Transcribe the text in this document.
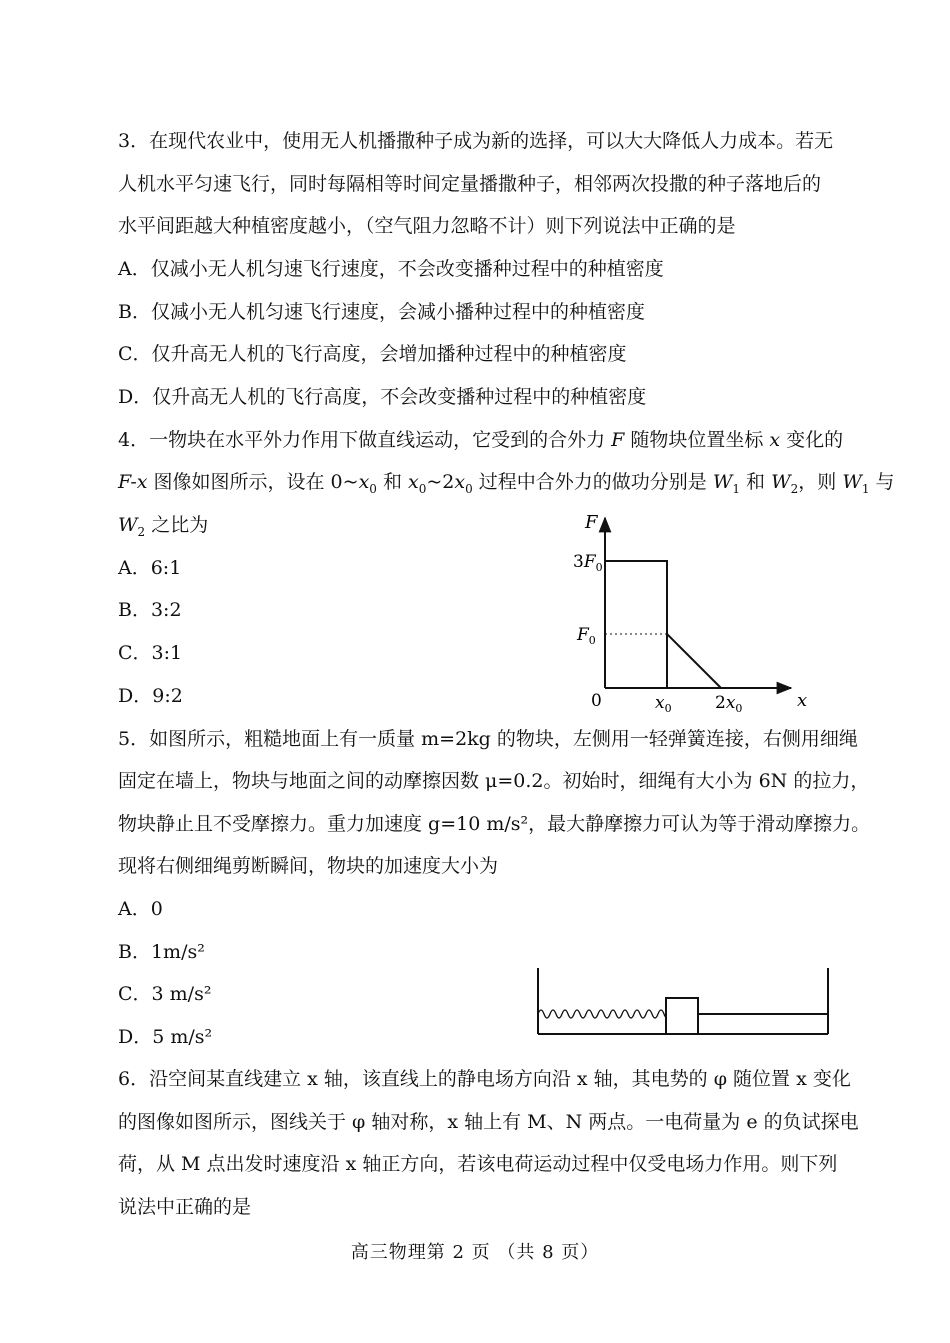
3．在现代农业中，使用无人机播撒种子成为新的选择，可以大大降低人力成本。若无
人机水平匀速飞行，同时每隔相等时间定量播撒种子，相邻两次投撒的种子落地后的
水平间距越大种植密度越小，（空气阻力忽略不计）则下列说法中正确的是
A．仅减小无人机匀速飞行速度，不会改变播种过程中的种植密度
B．仅减小无人机匀速飞行速度，会减小播种过程中的种植密度
C．仅升高无人机的飞行高度，会增加播种过程中的种植密度
D．仅升高无人机的飞行高度，不会改变播种过程中的种植密度
4．一物块在水平外力作用下做直线运动，它受到的合外力 F 随物块位置坐标 x 变化的
F-x 图像如图所示，设在 $0\sim x_0$ 和 $x_0\sim 2x_0$ 过程中合外力的做功分别是 $W_1$ 和 $W_2$，则 $W_1$ 与
$W_2$ 之比为
A．6:1
B．3:2
C．3:1
D．9:2
F
x
0
$3F_0$
$F_0$
$x_0$	$2x_0$
5．如图所示，粗糙地面上有一质量 m=2kg 的物块，左侧用一轻弹簧连接，右侧用细绳
固定在墙上，物块与地面之间的动摩擦因数 μ=0.2。初始时，细绳有大小为 6N 的拉力，
物块静止且不受摩擦力。重力加速度 g=10 m/s²，最大静摩擦力可认为等于滑动摩擦力。
现将右侧细绳剪断瞬间，物块的加速度大小为
A．0
B．1m/s²
C．3 m/s²
D．5 m/s²
6．沿空间某直线建立 x 轴，该直线上的静电场方向沿 x 轴，其电势的 φ 随位置 x 变化
的图像如图所示，图线关于 φ 轴对称，x 轴上有 M、N 两点。一电荷量为 e 的负试探电
荷，从 M 点出发时速度沿 x 轴正方向，若该电荷运动过程中仅受电场力作用。则下列
说法中正确的是
高三物理第 2 页 （共 8 页）
